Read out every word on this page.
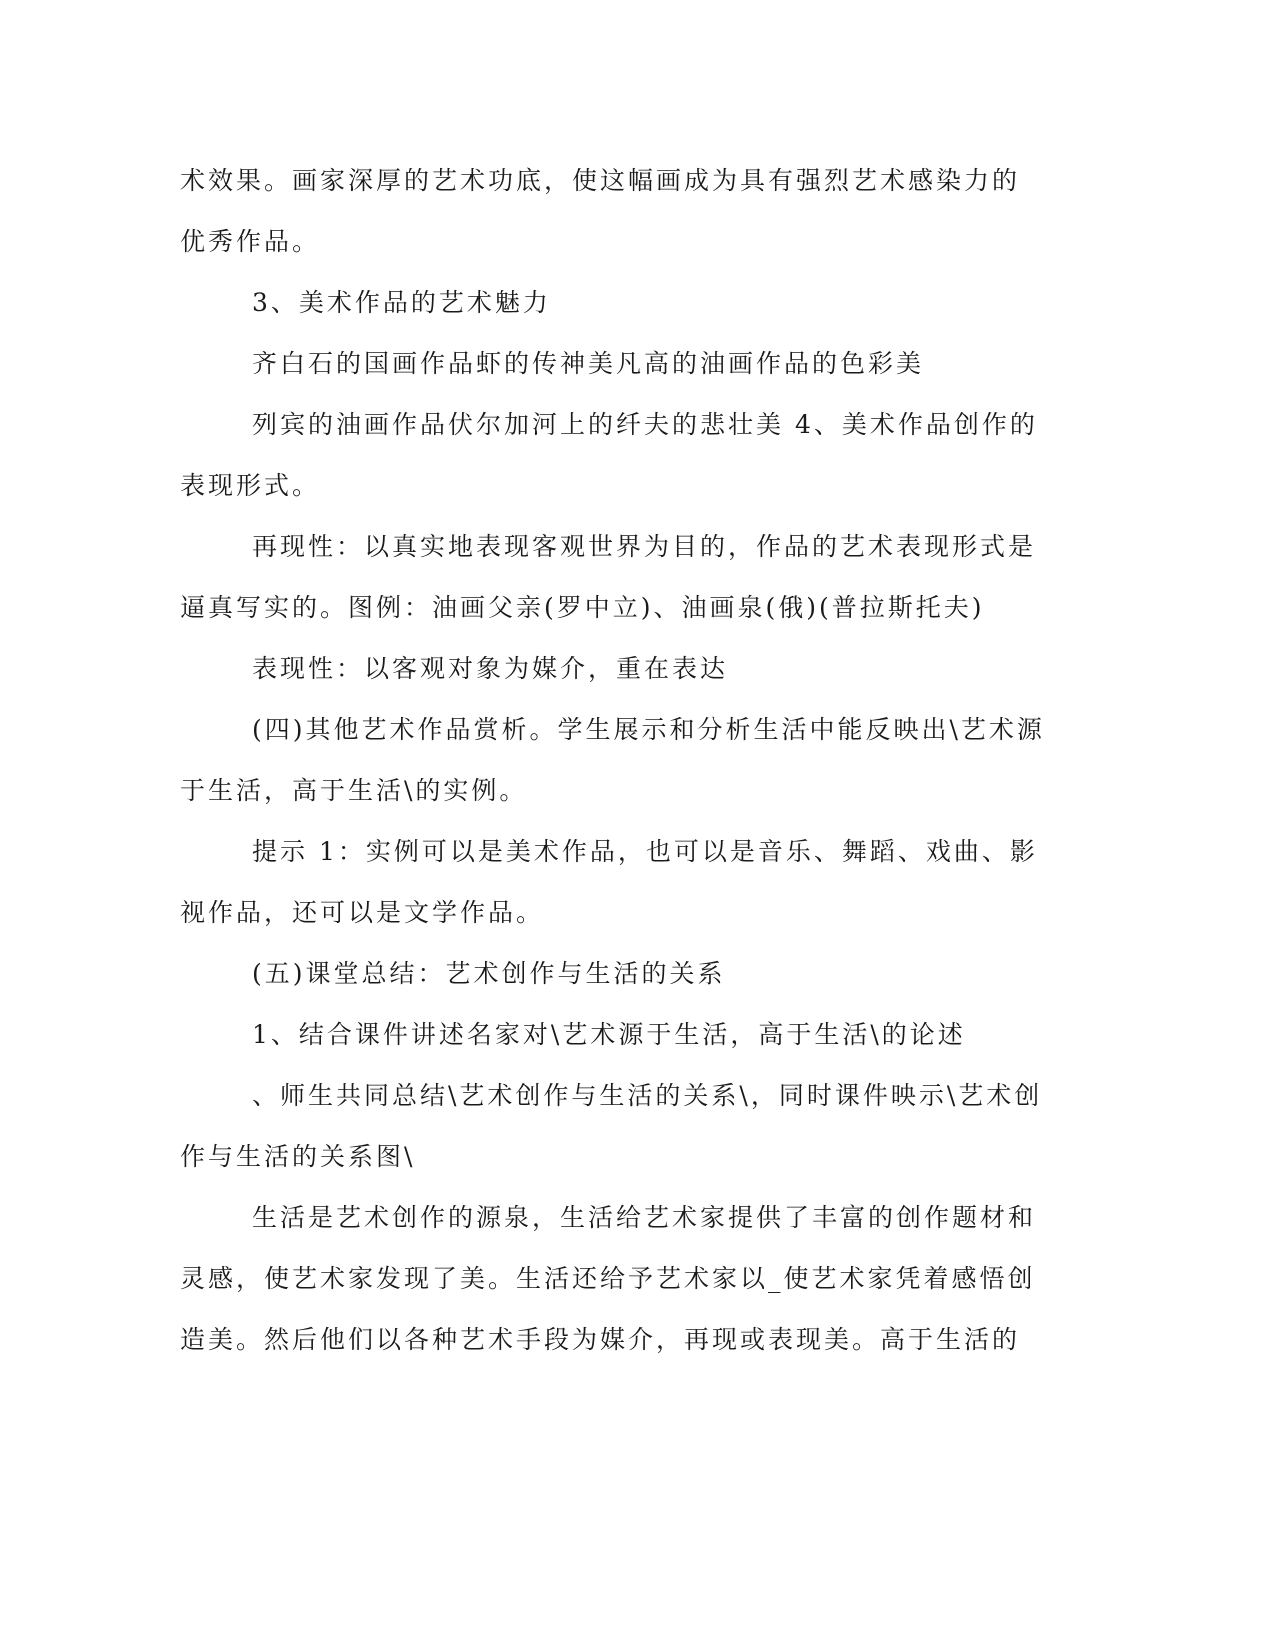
术效果。画家深厚的艺术功底，使这幅画成为具有强烈艺术感染力的
优秀作品。
3、美术作品的艺术魅力
齐白石的国画作品虾的传神美凡高的油画作品的色彩美
列宾的油画作品伏尔加河上的纤夫的悲壮美 4、美术作品创作的
表现形式。
再现性：以真实地表现客观世界为目的，作品的艺术表现形式是
逼真写实的。图例：油画父亲(罗中立)、油画泉(俄)(普拉斯托夫)
表现性：以客观对象为媒介，重在表达
(四)其他艺术作品赏析。学生展示和分析生活中能反映出\艺术源
于生活，高于生活\的实例。
提示 1：实例可以是美术作品，也可以是音乐、舞蹈、戏曲、影
视作品，还可以是文学作品。
(五)课堂总结：艺术创作与生活的关系
1、结合课件讲述名家对\艺术源于生活，高于生活\的论述
、师生共同总结\艺术创作与生活的关系\，同时课件映示\艺术创
作与生活的关系图\
生活是艺术创作的源泉，生活给艺术家提供了丰富的创作题材和
灵感，使艺术家发现了美。生活还给予艺术家以_使艺术家凭着感悟创
造美。然后他们以各种艺术手段为媒介，再现或表现美。高于生活的
